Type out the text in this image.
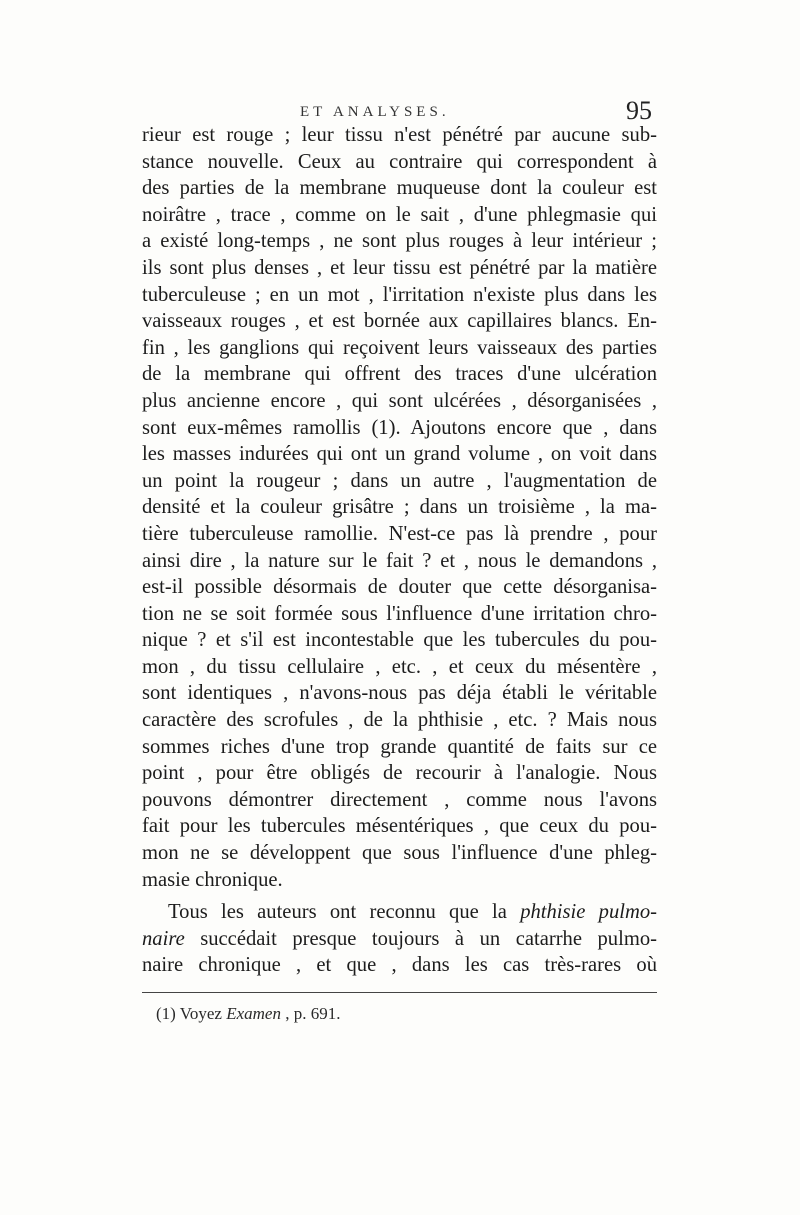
ET ANALYSES.	95
rieur est rouge ; leur tissu n'est pénétré par aucune sub-
stance nouvelle. Ceux au contraire qui correspondent à
des parties de la membrane muqueuse dont la couleur est
noirâtre , trace , comme on le sait , d'une phlegmasie qui
a existé long-temps , ne sont plus rouges à leur intérieur ;
ils sont plus denses , et leur tissu est pénétré par la matière
tuberculeuse ; en un mot , l'irritation n'existe plus dans les
vaisseaux rouges , et est bornée aux capillaires blancs. En-
fin , les ganglions qui reçoivent leurs vaisseaux des parties
de la membrane qui offrent des traces d'une ulcération
plus ancienne encore , qui sont ulcérées , désorganisées ,
sont eux-mêmes ramollis (1). Ajoutons encore que , dans
les masses indurées qui ont un grand volume , on voit dans
un point la rougeur ; dans un autre , l'augmentation de
densité et la couleur grisâtre ; dans un troisième , la ma-
tière tuberculeuse ramollie. N'est-ce pas là prendre , pour
ainsi dire , la nature sur le fait ? et , nous le demandons ,
est-il possible désormais de douter que cette désorganisa-
tion ne se soit formée sous l'influence d'une irritation chro-
nique ? et s'il est incontestable que les tubercules du pou-
mon , du tissu cellulaire , etc. , et ceux du mésentère ,
sont identiques , n'avons-nous pas déja établi le véritable
caractère des scrofules , de la phthisie , etc. ? Mais nous
sommes riches d'une trop grande quantité de faits sur ce
point , pour être obligés de recourir à l'analogie. Nous
pouvons démontrer directement , comme nous l'avons
fait pour les tubercules mésentériques , que ceux du pou-
mon ne se développent que sous l'influence d'une phleg-
masie chronique.
Tous les auteurs ont reconnu que la phthisie pulmo-
naire succédait presque toujours à un catarrhe pulmo-
naire chronique , et que , dans les cas très-rares où
(1) Voyez Examen , p. 691.
